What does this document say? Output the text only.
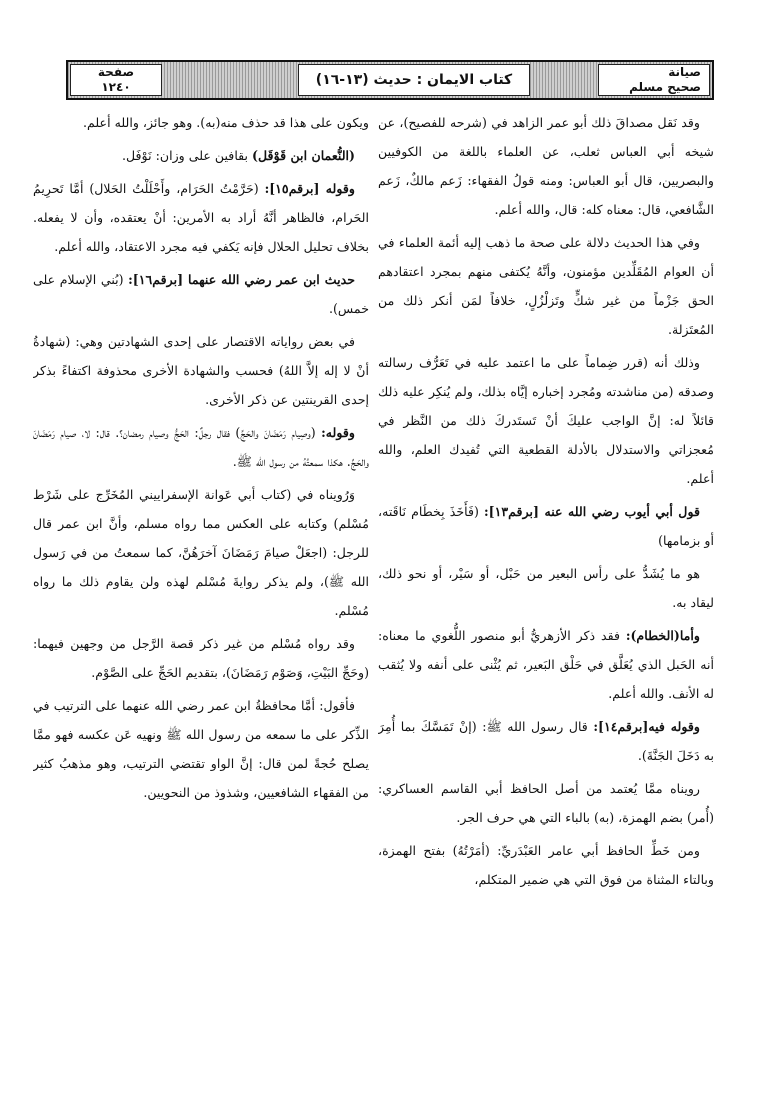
صيانة
صحيح مسلم
كتاب الايمان : حديث (١٣-١٦)
صفحة
١٢٤٠

وقد نَقل مصداقَ ذلك أبو عمر الزاهد في (شرحه للفصيح)، عن شيخه أبي العباس ثعلب، عن العلماء باللغة من الكوفيين والبصريين، قال أبو العباس: ومنه قولُ الفقهاء: زَعم مالكٌ، زَعم الشَّافعي، قال: معناه كله: قال، والله أعلم.

وفي هذا الحديث دلالة على صحة ما ذهب إليه أئمة العلماء في أن العوام المُقَلِّدين مؤمنون، وأنَّهُ يُكتفى منهم بمجرد اعتقادهم الحق جَزْماً من غير شكٍّ وتَزلْزُلٍ، خلافاً لمَن أنكر ذلك من المُعتَزلة.

وذلك أنه (قرر ضِماماً على ما اعتمد عليه في تَعَرُّف رسالته وصدقه (من مناشدته ومُجرد إخباره إيَّاه بذلك، ولم يُنكِر عليه ذلك قائلاً له: إنَّ الواجب عليكَ أنْ تَستَدركَ ذلك من النَّظر في مُعجزاتي والاستدلال بالأدلة القطعية التي تُفيدك العلم، والله أعلم.

قول أبي أيوب رضي الله عنه [برقم١٣]: (فَأَخَذَ بِخطَام نَاقَته، أو بزمامها)

هو ما يُشَدُّ على رأس البعير من حَبْل، أو سَيْر، أو نحو ذلك، ليقاد به.

وأما(الخطام): فقد ذكر الأزهريُّ أبو منصور اللُّغوي ما معناه: أنه الحَبل الذي يُعَلَّق في حَلْق البَعير، ثم يُثْنى على أنفه ولا يُثقب له الأنف. والله أعلم.

وقوله فيه[برقم١٤]: قال رسول الله ﷺ: (إنْ تَمَسَّكَ بما أُمِرَ به دَخَلَ الجَنَّةَ).

رويناه ممَّا يُعتمد من أصل الحافظ أبي القاسم العساكري: (أُمر) بضم الهمزة، (به) بالباء التي هي حرف الجر.

ومن خَطِّ الحافظ أبي عامر العَبْدَريِّ: (أمَرْتُهُ) بفتح الهمزة، وبالتاء المثناة من فوق التي هي ضمير المتكلم،

ويكون على هذا قد حذف منه(به). وهو جائز، والله أعلم.

(النُّعمان ابن قَوْقَل) بقافين على وزان: نَوْفَل.

وقوله [برقم١٥]: (حَرَّمْتُ الحَرَام، وأَحْلَلْتُ الحَلال) أمَّا تَحرِيمُ الحَرام، فالظاهر أنَّهُ أراد به الأمرين: أنْ يعتقده، وأن لا يفعله. بخلاف تحليل الحلال فإنه يَكفي فيه مجرد الاعتقاد، والله أعلم.

حديث ابن عمر رضي الله عنهما [برقم١٦]: (بُني الإسلام على خمس).

في بعض رواياته الاقتصار على إحدى الشهادتين وهي: (شهادةُ أنْ لا إله إلاَّ اللهُ) فحسب والشهادة الأخرى محذوفة اكتفاءً بذكر إحدى القرينتين عن ذكر الأخرى.

وقوله: (وصِيام رَمَضَانَ والحَجِّ) فقال رجلٌ: الحَجُّ وصيام رمضان؟. قال: لا، صيام رَمَضَانَ والحَجِّ. هكذا سمعتُهُ من رسول الله ﷺ.

وَرُويناه في (كتاب أبي عَوانة الإسفراييني المُخَرِّج على شَرْط مُسْلم) وكتابه على العكس مما رواه مسلم، وأنَّ ابن عمر قال للرجل: (اجعَلْ صيامَ رَمَضَانَ آخرَهُنَّ، كما سمعتُ من في رَسول الله ﷺ)، ولم يذكر روايةَ مُسْلم لهذه ولن يقاوم ذلك ما رواه مُسْلم.

وقد رواه مُسْلم من غير ذكر قصة الرَّجل من وجهين فيهما: (وحَجِّ البَيْتِ، وَصَوْم رَمَضَانَ)، بتقديم الحَجِّ على الصَّوْم.

فأقول: أمَّا محافظةُ ابن عمر رضي الله عنهما على الترتيب في الذِّكر على ما سمعه من رسول الله ﷺ ونهيه عَن عكسه فهو ممَّا يصلح حُجةً لمن قال: إنَّ الواو تقتضي الترتيب، وهو مذهبُ كثير من الفقهاء الشافعيين، وشذوذ من النحويين.
